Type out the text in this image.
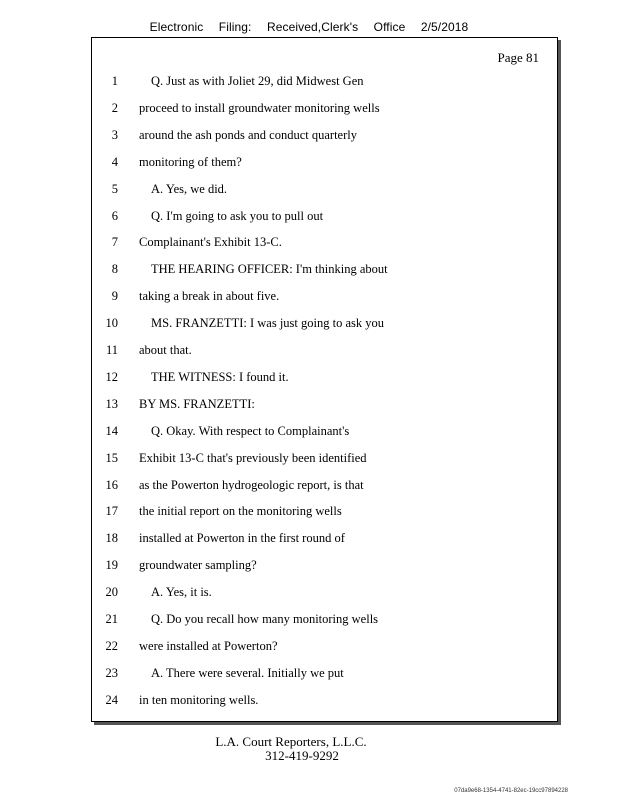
Electronic Filing: Received,Clerk's Office 2/5/2018
Page 81
1	Q. Just as with Joliet 29, did Midwest Gen
2 proceed to install groundwater monitoring wells
3 around the ash ponds and conduct quarterly
4 monitoring of them?
5	A. Yes, we did.
6	Q. I'm going to ask you to pull out
7 Complainant's Exhibit 13-C.
8	THE HEARING OFFICER: I'm thinking about
9 taking a break in about five.
10	MS. FRANZETTI: I was just going to ask you
11 about that.
12	THE WITNESS: I found it.
13 BY MS. FRANZETTI:
14	Q. Okay. With respect to Complainant's
15 Exhibit 13-C that's previously been identified
16 as the Powerton hydrogeologic report, is that
17 the initial report on the monitoring wells
18 installed at Powerton in the first round of
19 groundwater sampling?
20	A. Yes, it is.
21	Q. Do you recall how many monitoring wells
22 were installed at Powerton?
23	A. There were several. Initially we put
24 in ten monitoring wells.
L.A. Court Reporters, L.L.C.
312-419-9292
07da9e68-1354-4741-82ec-19cc97894228
